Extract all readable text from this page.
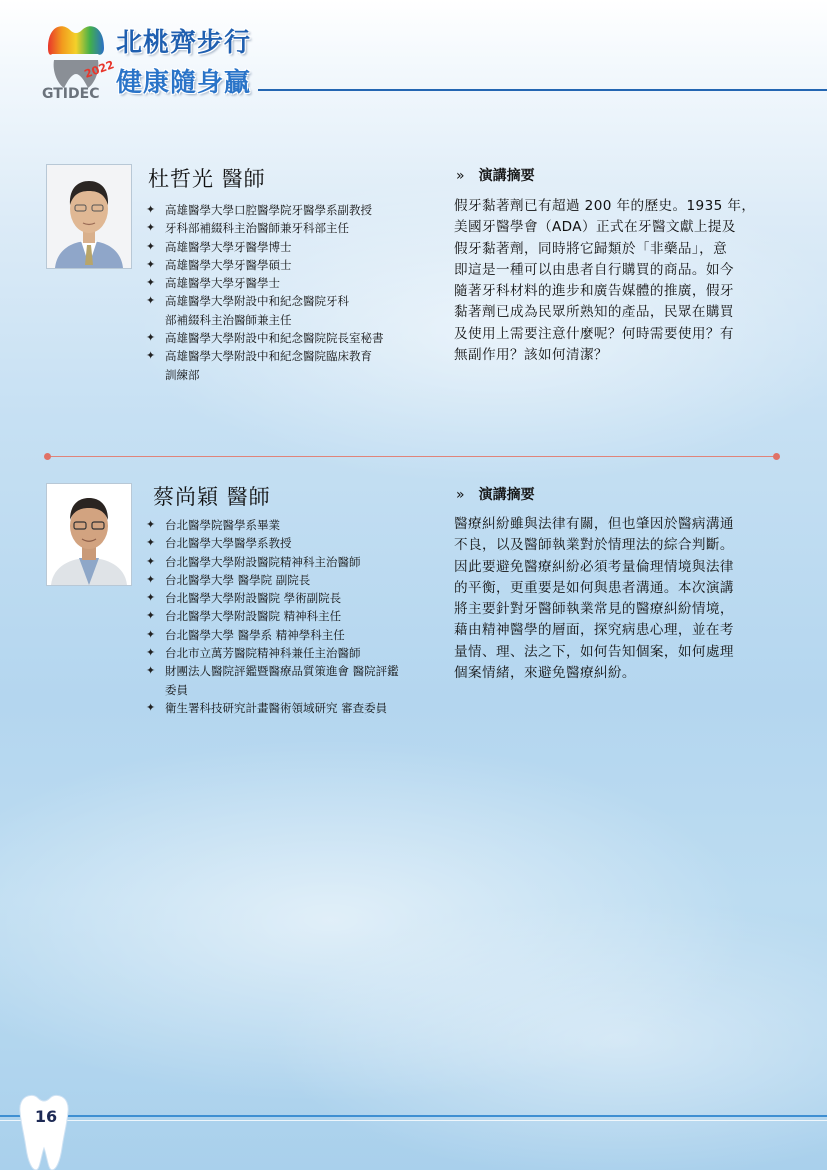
2022
GTIDEC
北桃齊步行
健康隨身贏
杜哲光 醫師
✦ 高雄醫學大學口腔醫學院牙醫學系副教授
✦ 牙科部補綴科主治醫師兼牙科部主任
✦ 高雄醫學大學牙醫學博士
✦ 高雄醫學大學牙醫學碩士
✦ 高雄醫學大學牙醫學士
✦ 高雄醫學大學附設中和紀念醫院牙科
部補綴科主治醫師兼主任
✦ 高雄醫學大學附設中和紀念醫院院長室秘書
✦ 高雄醫學大學附設中和紀念醫院臨床教育
訓練部
» 演講摘要
假牙黏著劑已有超過 200 年的歷史。1935 年，
美國牙醫學會（ADA）正式在牙醫文獻上提及
假牙黏著劑，同時將它歸類於「非藥品」，意
即這是一種可以由患者自行購買的商品。如今
隨著牙科材料的進步和廣告媒體的推廣，假牙
黏著劑已成為民眾所熟知的產品，民眾在購買
及使用上需要注意什麼呢？何時需要使用？有
無副作用？該如何清潔？
蔡尚穎 醫師
✦ 台北醫學院醫學系畢業
✦ 台北醫學大學醫學系教授
✦ 台北醫學大學附設醫院精神科主治醫師
✦ 台北醫學大學 醫學院 副院長
✦ 台北醫學大學附設醫院 學術副院長
✦ 台北醫學大學附設醫院 精神科主任
✦ 台北醫學大學 醫學系 精神學科主任
✦ 台北市立萬芳醫院精神科兼任主治醫師
✦ 財團法人醫院評鑑暨醫療品質策進會 醫院評鑑
委員
✦ 衛生署科技研究計畫醫術領域研究 審查委員
» 演講摘要
醫療糾紛雖與法律有關，但也肇因於醫病溝通
不良，以及醫師執業對於情理法的綜合判斷。
因此要避免醫療糾紛必須考量倫理情境與法律
的平衡，更重要是如何與患者溝通。本次演講
將主要針對牙醫師執業常見的醫療糾紛情境，
藉由精神醫學的層面，探究病患心理，並在考
量情、理、法之下，如何告知個案，如何處理
個案情緒，來避免醫療糾紛。
16
